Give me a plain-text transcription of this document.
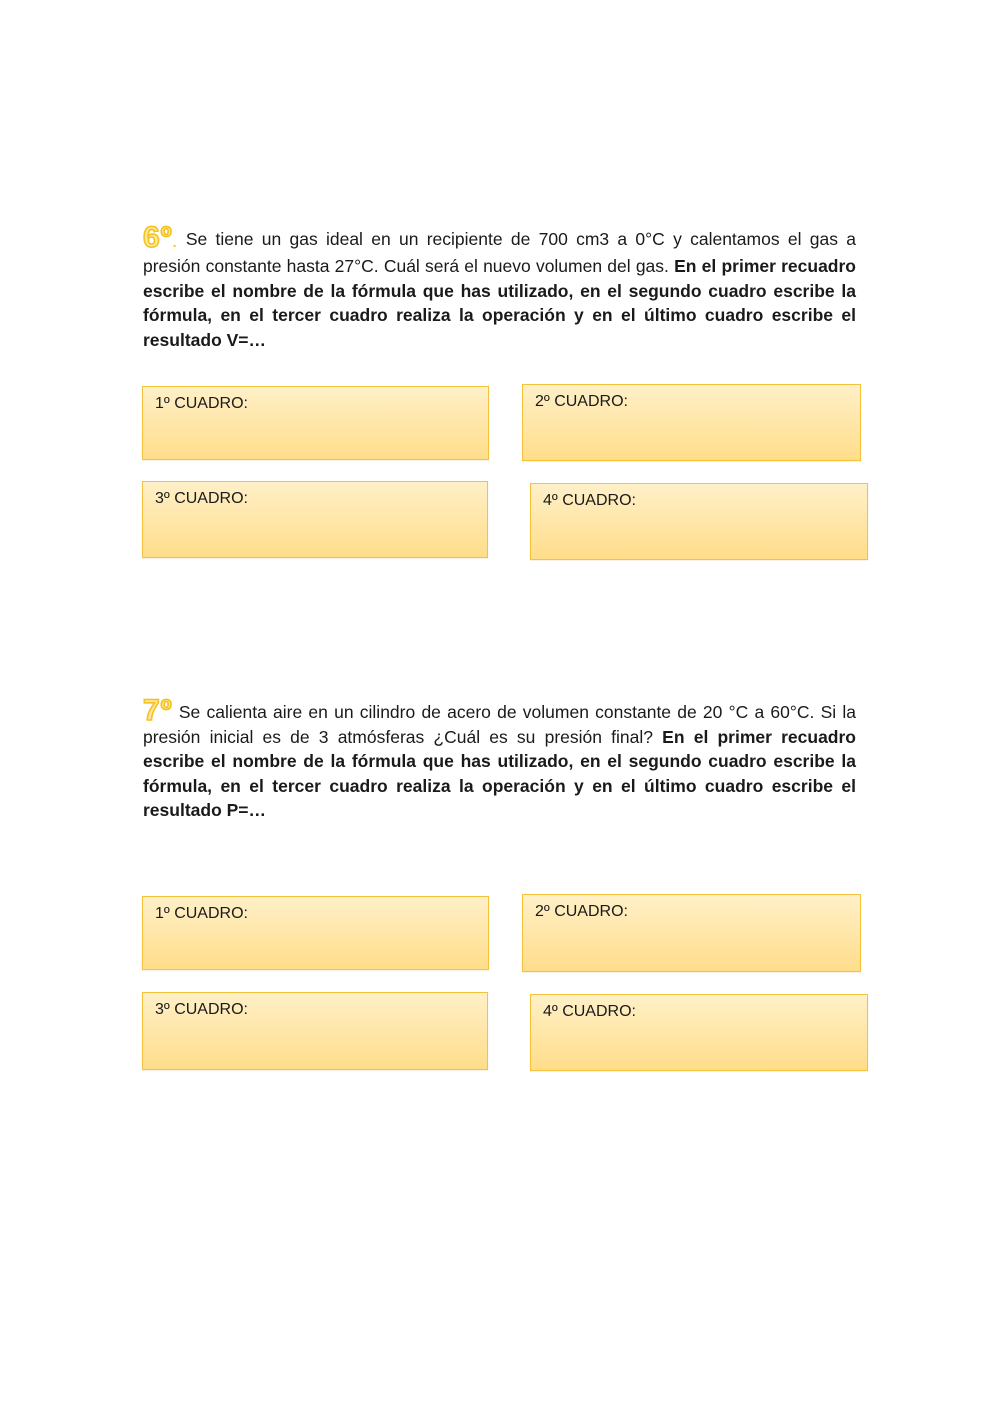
6º. Se tiene un gas ideal en un recipiente de 700 cm3 a 0°C y calentamos el gas a presión constante hasta 27°C. Cuál será el nuevo volumen del gas. En el primer recuadro escribe el nombre de la fórmula que has utilizado, en el segundo cuadro escribe la fórmula, en el tercer cuadro realiza la operación y en el último cuadro escribe el resultado V=…
1º CUADRO:	2º CUADRO:
3º CUADRO:	4º CUADRO:
7º Se calienta aire en un cilindro de acero de volumen constante de 20 °C a 60°C. Si la presión inicial es de 3 atmósferas ¿Cuál es su presión final? En el primer recuadro escribe el nombre de la fórmula que has utilizado, en el segundo cuadro escribe la fórmula, en el tercer cuadro realiza la operación y en el último cuadro escribe el resultado P=…
1º CUADRO:	2º CUADRO:
3º CUADRO:	4º CUADRO:
